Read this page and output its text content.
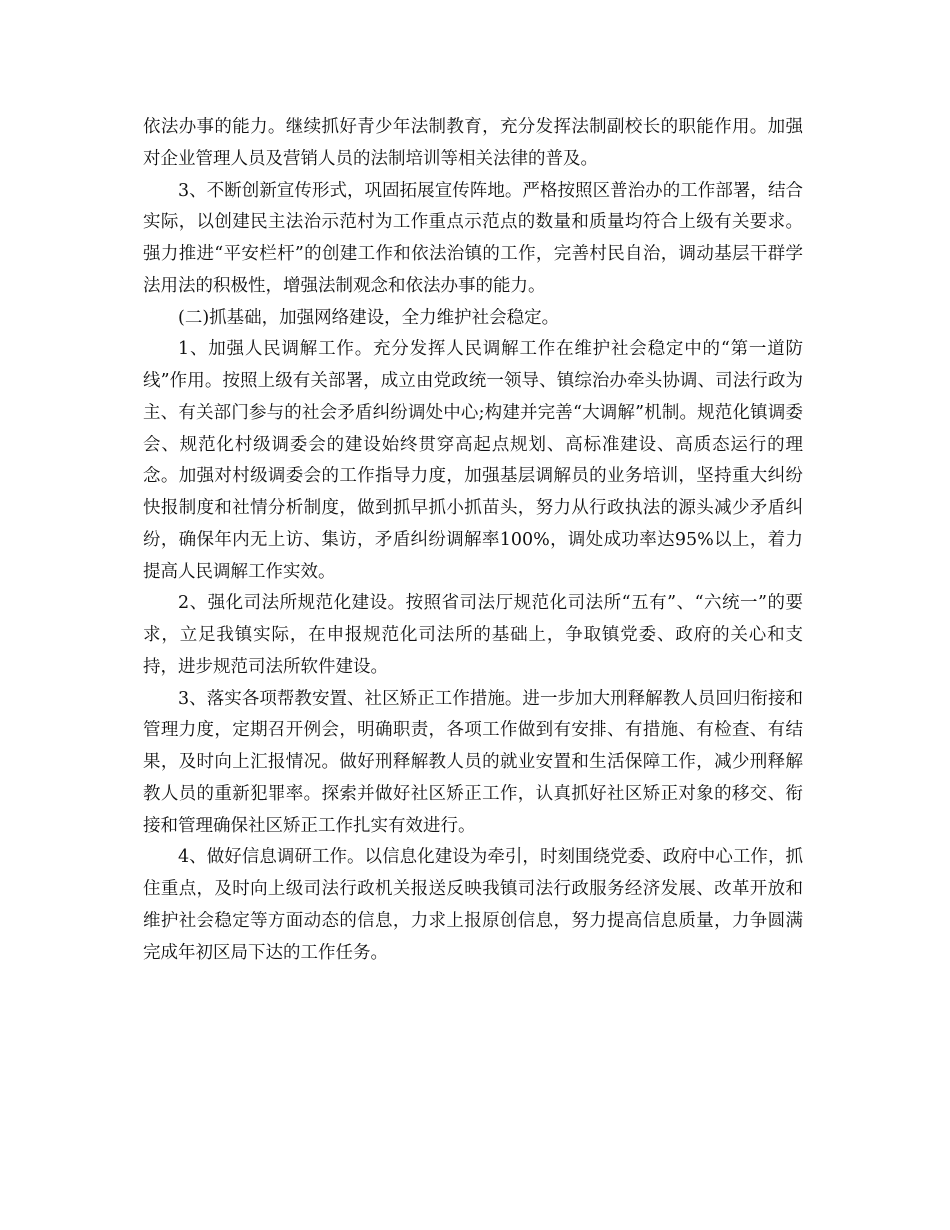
依法办事的能力。继续抓好青少年法制教育，充分发挥法制副校长的职能作用。加强对企业管理人员及营销人员的法制培训等相关法律的普及。

3、不断创新宣传形式，巩固拓展宣传阵地。严格按照区普治办的工作部署，结合实际，以创建民主法治示范村为工作重点示范点的数量和质量均符合上级有关要求。强力推进“平安栏杆”的创建工作和依法治镇的工作，完善村民自治，调动基层干群学法用法的积极性，增强法制观念和依法办事的能力。

(二)抓基础，加强网络建设，全力维护社会稳定。

1、加强人民调解工作。充分发挥人民调解工作在维护社会稳定中的“第一道防线”作用。按照上级有关部署，成立由党政统一领导、镇综治办牵头协调、司法行政为主、有关部门参与的社会矛盾纠纷调处中心;构建并完善“大调解”机制。规范化镇调委会、规范化村级调委会的建设始终贯穿高起点规划、高标准建设、高质态运行的理念。加强对村级调委会的工作指导力度，加强基层调解员的业务培训，坚持重大纠纷快报制度和社情分析制度，做到抓早抓小抓苗头，努力从行政执法的源头减少矛盾纠纷，确保年内无上访、集访，矛盾纠纷调解率100%，调处成功率达95%以上，着力提高人民调解工作实效。

2、强化司法所规范化建设。按照省司法厅规范化司法所“五有”、“六统一”的要求，立足我镇实际，在申报规范化司法所的基础上，争取镇党委、政府的关心和支持，进步规范司法所软件建设。

3、落实各项帮教安置、社区矫正工作措施。进一步加大刑释解教人员回归衔接和管理力度，定期召开例会，明确职责，各项工作做到有安排、有措施、有检查、有结果，及时向上汇报情况。做好刑释解教人员的就业安置和生活保障工作，减少刑释解教人员的重新犯罪率。探索并做好社区矫正工作，认真抓好社区矫正对象的移交、衔接和管理确保社区矫正工作扎实有效进行。

4、做好信息调研工作。以信息化建设为牵引，时刻围绕党委、政府中心工作，抓住重点，及时向上级司法行政机关报送反映我镇司法行政服务经济发展、改革开放和维护社会稳定等方面动态的信息，力求上报原创信息，努力提高信息质量，力争圆满完成年初区局下达的工作任务。
